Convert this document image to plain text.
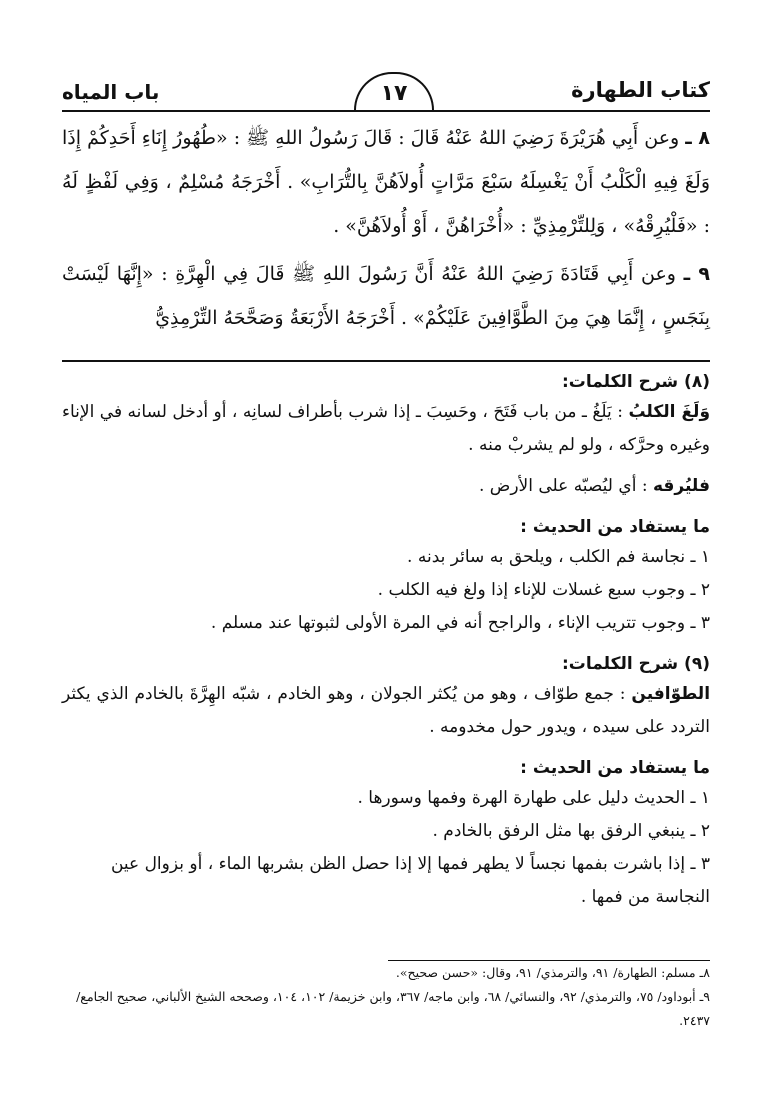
كتاب الطهارة
١٧
باب المياه

٨ ـ وعن أَبِي هُرَيْرَةَ رَضِيَ اللهُ عَنْهُ قَالَ : قَالَ رَسُولُ اللهِ ﷺ : «طُهُورُ إِنَاءِ أَحَدِكُمْ إِذَا وَلَغَ فِيهِ الْكَلْبُ أَنْ يَغْسِلَهُ سَبْعَ مَرَّاتٍ أُولاَهُنَّ بِالتُّرَابِ» . أَخْرَجَهُ مُسْلِمٌ ، وَفِي لَفْظٍ لَهُ : «فَلْيُرِقْهُ» ، وَلِلتِّرْمِذِيِّ : «أُخْرَاهُنَّ ، أَوْ أُولاَهُنَّ» .

٩ ـ وعن أَبِي قَتَادَةَ رَضِيَ اللهُ عَنْهُ أَنَّ رَسُولَ اللهِ ﷺ قَالَ فِي الْهِرَّةِ : «إِنَّهَا لَيْسَتْ بِنَجَسٍ ، إِنَّمَا هِيَ مِنَ الطَّوَّافِينَ عَلَيْكُمْ» . أَخْرَجَهُ الأَرْبَعَةُ وَصَحَّحَهُ التِّرْمِذِيُّ

(٨) شرح الكلمات:

وَلَغَ الكلبُ : يَلَغُ ـ من باب فَتَحَ ، وحَسِبَ ـ إذا شرب بأطراف لسانِه ، أو أدخل لسانه في الإناء وغيره وحرَّكه ، ولو لم يشربْ منه .

فليُرقه : أي ليُصبّه على الأرض .

ما يستفاد من الحديث :

١ ـ نجاسة فم الكلب ، ويلحق به سائر بدنه .

٢ ـ وجوب سبع غسلات للإناء إذا ولغ فيه الكلب .

٣ ـ وجوب تتريب الإناء ، والراجح أنه في المرة الأولى لثبوتها عند مسلم .

(٩) شرح الكلمات:

الطوّافين : جمع طوّاف ، وهو من يُكثر الجولان ، وهو الخادم ، شبّه الهِرَّةَ بالخادم الذي يكثر التردد على سيده ، ويدور حول مخدومه .

ما يستفاد من الحديث :

١ ـ الحديث دليل على طهارة الهرة وفمها وسورها .

٢ ـ ينبغي الرفق بها مثل الرفق بالخادم .

٣ ـ إذا باشرت بفمها نجساً لا يطهر فمها إلا إذا حصل الظن بشربها الماء ، أو بزوال عين النجاسة من فمها .

٨ـ مسلم: الطهارة/ ٩١، والترمذي/ ٩١، وقال: «حسن صحيح».

٩ـ أبوداود/ ٧٥، والترمذي/ ٩٢، والنسائي/ ٦٨، وابن ماجه/ ٣٦٧، وابن خزيمة/ ١٠٢، ١٠٤، وصححه الشيخ الألباني، صحيح الجامع/ ٢٤٣٧.
